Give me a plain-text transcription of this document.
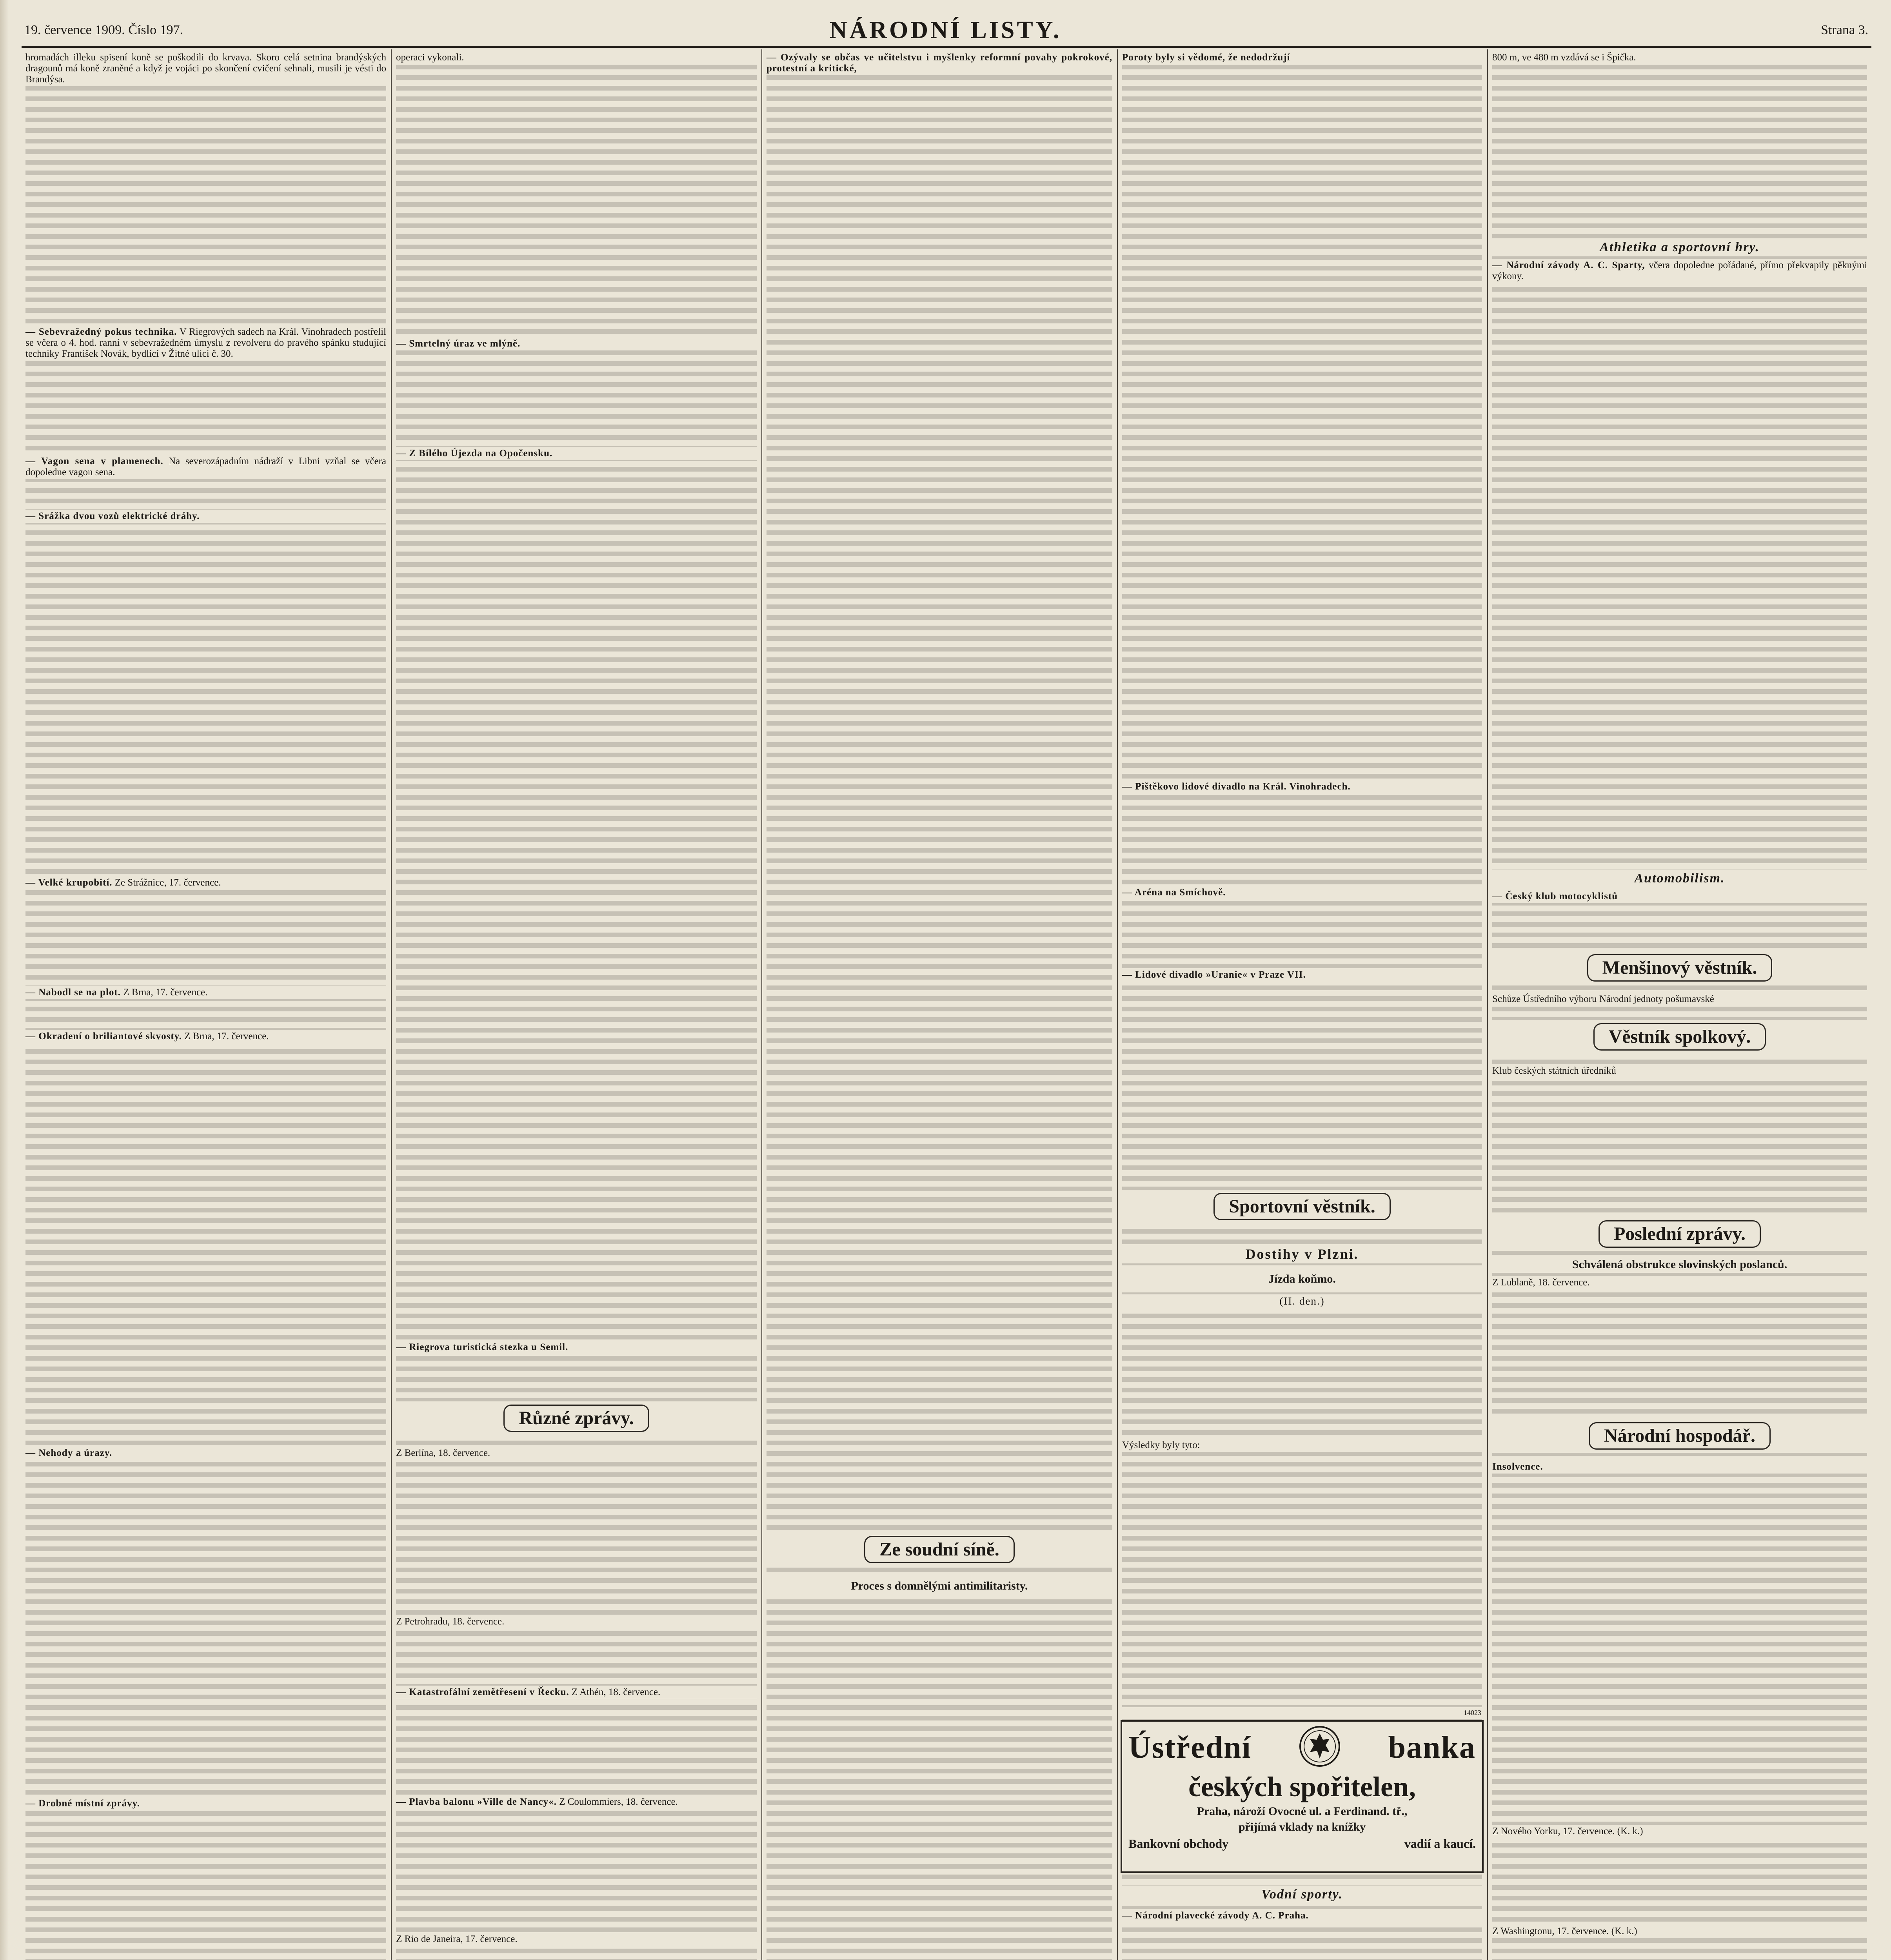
19. července 1909. Číslo 197.	NÁRODNÍ LISTY.	Strana 3.
hromadách illeku spisení koně se poškodili do krvava. Skoro celá setnina brandýských dragounů má koně zraněné a když je vojáci po skončení cvičení sehnali, musili je vésti do Brandýsa.
— Sebevražedný pokus technika. V Riegrových sadech na Král. Vinohradech postřelil se včera o 4. hod. ranní v sebevražedném úmyslu z revolveru do pravého spánku studující techniky František Novák, bydlící v Žitné ulici č. 30.
— Vagon sena v plamenech. Na severozápadním nádraží v Libni vzňal se včera dopoledne vagon sena.
— Srážka dvou vozů elektrické dráhy.
— Velké krupobití. Ze Strážnice, 17. července.
— Nabodl se na plot. Z Brna, 17. července.
— Okradení o briliantové skvosty. Z Brna, 17. července.
— Nehody a úrazy.
— Drobné místní zprávy.
operaci vykonali.
— Smrtelný úraz ve mlýně.
— Z Bílého Újezda na Opočensku.
— Riegrova turistická stezka u Semil.
Různé zprávy.
Z Berlína, 18. července.
Z Petrohradu, 18. července.
— Katastrofální zemětřesení v Řecku. Z Athén, 18. července.
— Plavba balonu »Ville de Nancy«. Z Coulommiers, 18. července.
Z Rio de Janeira, 17. července.
— Ozývaly se občas ve učitelstvu i myšlenky reformní povahy pokrokové, protestní a kritické,
Ze soudní síně.
Proces s domnělými antimilitaristy.
Poroty byly si vědomé, že nedodržují
— Pištěkovo lidové divadlo na Král. Vinohradech.
— Aréna na Smíchově.
— Lidové divadlo »Uranie« v Praze VII.
Sportovní věstník.
Dostihy v Plzni.
Jízda koňmo.
(II. den.)
Výsledky byly tyto:
14023
Ústřední	banka
českých spořitelen,
Praha, nároží Ovocné ul. a Ferdinand. tř.,
přijímá vklady na knížky
Bankovní obchody	vadií a kaucí.
Vodní sporty.
— Národní plavecké závody A. C. Praha.
800 m, ve 480 m vzdává se i Špička.
Athletika a sportovní hry.
— Národní závody A. C. Sparty, včera dopoledne pořádané, přímo překvapily pěknými výkony.
Automobilism.
— Český klub motocyklistů
Menšinový věstník.
Schůze Ústředního výboru Národní jednoty pošumavské
Věstník spolkový.
Klub českých státních úředníků
Poslední zprávy.
Schválená obstrukce slovinských poslanců.
Z Lublaně, 18. července.
Národní hospodář.
Insolvence.
Z Nového Yorku, 17. července. (K. k.)
Z Washingtonu, 17. července. (K. k.)
